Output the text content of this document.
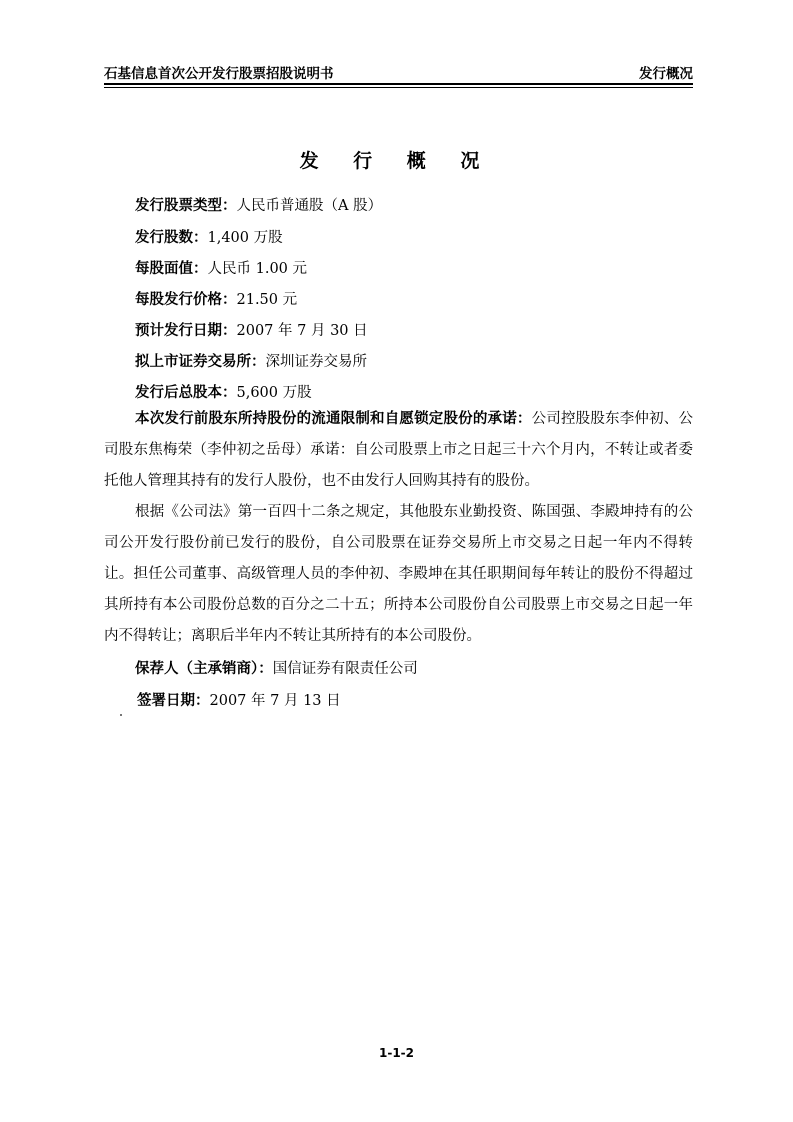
石基信息首次公开发行股票招股说明书	发行概况
发 行 概 况
发行股票类型：人民币普通股（A 股）
发行股数：1,400 万股
每股面值：人民币 1.00 元
每股发行价格：21.50 元
预计发行日期：2007 年 7 月 30 日
拟上市证券交易所：深圳证券交易所
发行后总股本：5,600 万股
本次发行前股东所持股份的流通限制和自愿锁定股份的承诺：公司控股股东李仲初、公司股东焦梅荣（李仲初之岳母）承诺：自公司股票上市之日起三十六个月内，不转让或者委托他人管理其持有的发行人股份，也不由发行人回购其持有的股份。
根据《公司法》第一百四十二条之规定，其他股东业勤投资、陈国强、李殿坤持有的公司公开发行股份前已发行的股份，自公司股票在证券交易所上市交易之日起一年内不得转让。担任公司董事、高级管理人员的李仲初、李殿坤在其任职期间每年转让的股份不得超过其所持有本公司股份总数的百分之二十五；所持本公司股份自公司股票上市交易之日起一年内不得转让；离职后半年内不转让其所持有的本公司股份。
保荐人（主承销商）：国信证券有限责任公司
签署日期：2007 年 7 月 13 日
1-1-2
